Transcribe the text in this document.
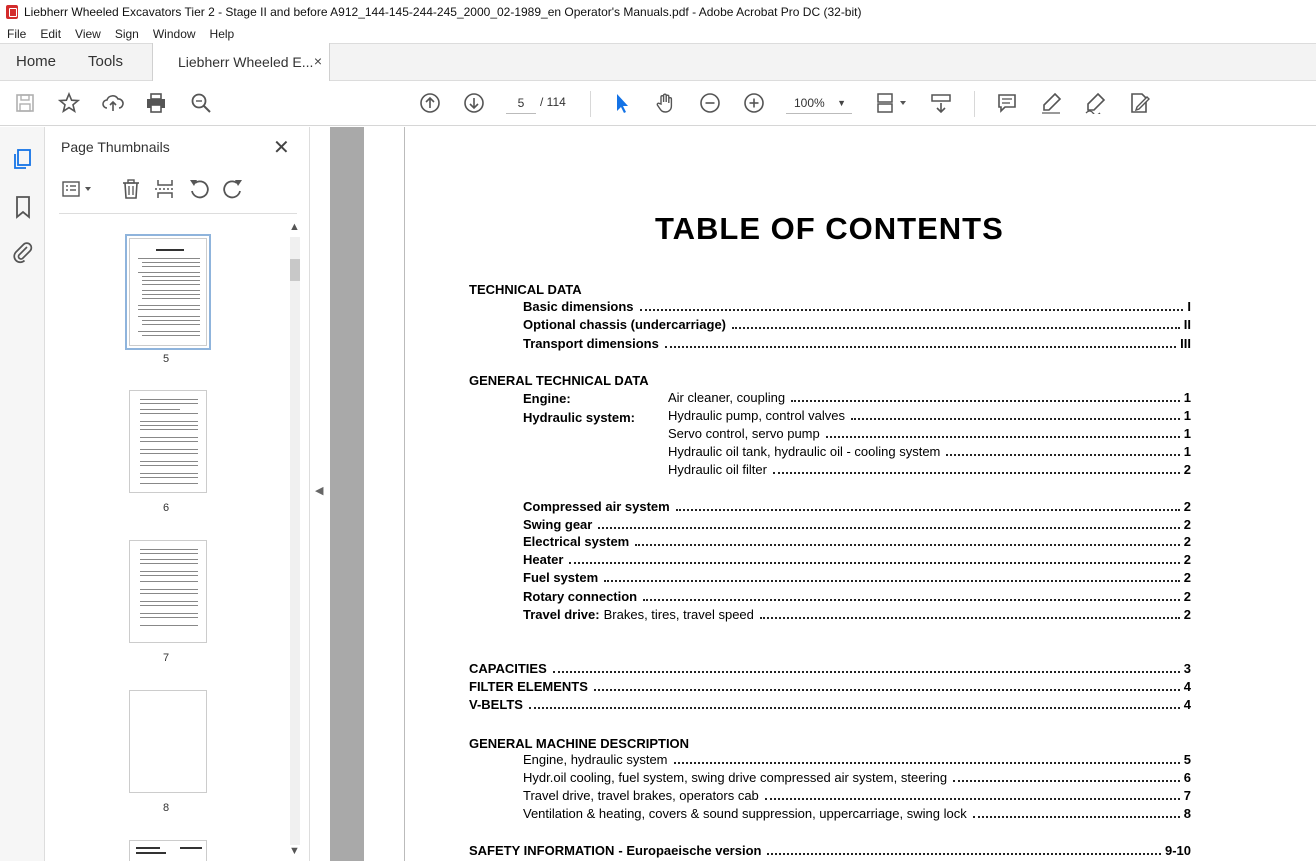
Liebherr Wheeled Excavators Tier 2 - Stage II and before A912_144-145-244-245_2000_02-1989_en Operator's Manuals.pdf - Adobe Acrobat Pro DC (32-bit)
File	Edit	View	Sign	Window	Help
Home Tools	Liebherr Wheeled E... ×
5	/ 114	100% ▼
Page Thumbnails	✕
5
6
7
8
▲
▼
◀
TABLE OF CONTENTS
TECHNICAL DATA
Basic dimensions	I
Optional chassis (undercarriage)	II
Transport dimensions	III
GENERAL TECHNICAL DATA
Engine:	Air cleaner, coupling	1
Hydraulic system:	Hydraulic pump, control valves	1
Servo control, servo pump	1
Hydraulic oil tank, hydraulic oil - cooling system	1
Hydraulic oil filter	2
Compressed air system	2
Swing gear	2
Electrical system	2
Heater	2
Fuel system	2
Rotary connection	2
Travel drive: Brakes, tires, travel speed	2
CAPACITIES	3
FILTER ELEMENTS	4
V-BELTS	4
GENERAL MACHINE DESCRIPTION
Engine, hydraulic system	5
Hydr.oil cooling, fuel system, swing drive compressed air system, steering	6
Travel drive, travel brakes, operators cab	7
Ventilation & heating, covers & sound suppression, uppercarriage, swing lock	8
SAFETY INFORMATION - Europaeische version	9-10
